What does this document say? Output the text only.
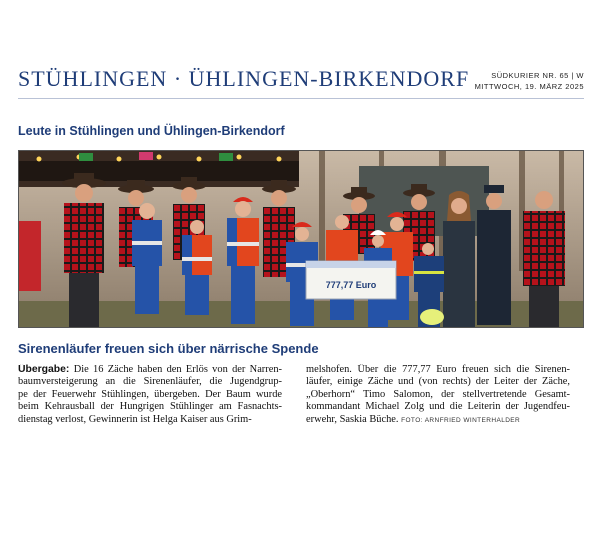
STÜHLINGEN · ÜHLINGEN-BIRKENDORF	SÜDKURIER NR. 65 | W
MITTWOCH, 19. MÄRZ 2025
Leute in Stühlingen und Ühlingen-Birkendorf
777,77 Euro
Sirenenläufer freuen sich über närrische Spende
Übergabe: Die 16 Zäche haben den Erlös von der Narren-
baumversteigerung an die Sirenenläufer, die Jugendgrup-
pe der Feuerwehr Stühlingen, übergeben. Der Baum wurde
beim Kehrausball der Hungrigen Stühlinger am Fasnachts-
dienstag verlost, Gewinnerin ist Helga Kaiser aus Grim-
melshofen. Über die 777,77 Euro freuen sich die Sirenen-
läufer, einige Zäche und (von rechts) der Leiter der Zäche,
„Oberhorn“ Timo Salomon, der stellvertretende Gesamt-
kommandant Michael Zolg und die Leiterin der Jugendfeu-
erwehr, Saskia Büche. FOTO: ARNFRIED WINTERHALDER
